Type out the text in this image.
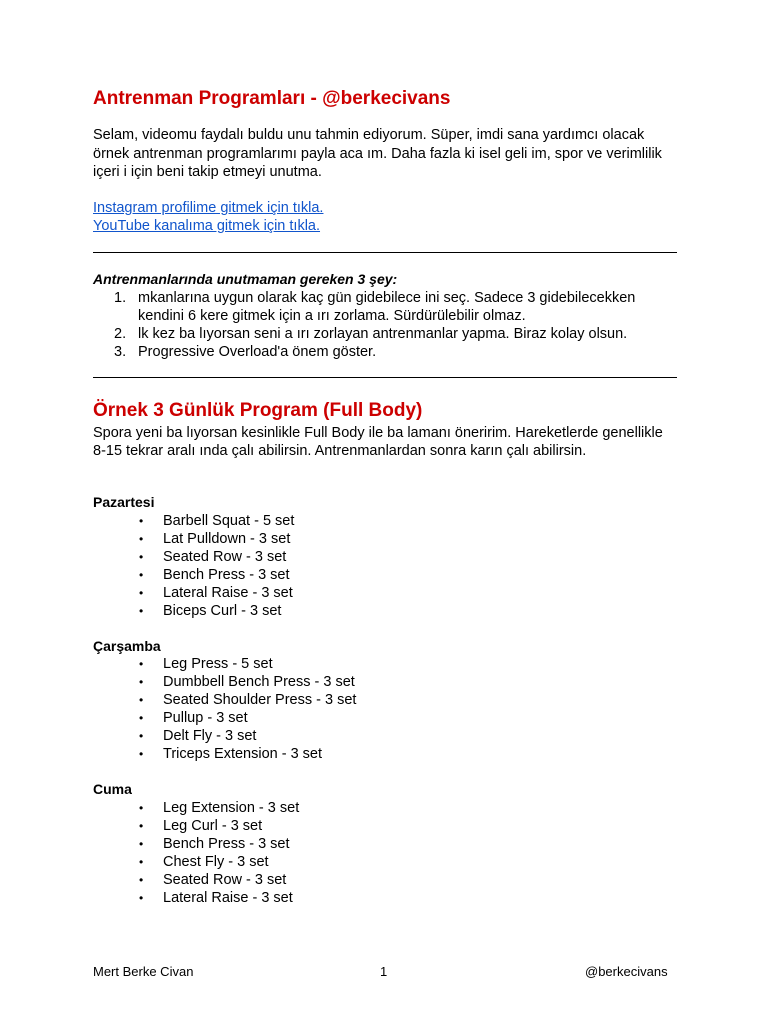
Antrenman Programları - @berkecivans

Selam, videomu faydalı buldu unu tahmin ediyorum. Süper, imdi sana yardımcı olacak örnek antrenman programlarımı payla aca ım. Daha fazla ki isel geli im, spor ve verimlilik içeri i için beni takip etmeyi unutma.

Instagram profilime gitmek için tıkla.
YouTube kanalıma gitmek için tıkla.

Antrenmanlarında unutmaman gereken 3 şey:

1. mkanlarına uygun olarak kaç gün gidebilece ini seç. Sadece 3 gidebilecekken kendini 6 kere gitmek için a ırı zorlama. Sürdürülebilir olmaz.
2. lk kez ba lıyorsan seni a ırı zorlayan antrenmanlar yapma. Biraz kolay olsun.
3. Progressive Overload'a önem göster.
Örnek 3 Günlük Program (Full Body)

Spora yeni ba lıyorsan kesinlikle Full Body ile ba lamanı öneririm. Hareketlerde genellikle 8-15 tekrar aralı ında çalı abilirsin. Antrenmanlardan sonra karın çalı abilirsin.

Pazartesi

• Barbell Squat - 5 set
• Lat Pulldown - 3 set
• Seated Row - 3 set
• Bench Press - 3 set
• Lateral Raise - 3 set
• Biceps Curl - 3 set

Çarşamba

• Leg Press - 5 set
• Dumbbell Bench Press - 3 set
• Seated Shoulder Press - 3 set
• Pullup - 3 set
• Delt Fly - 3 set
• Triceps Extension - 3 set

Cuma

• Leg Extension - 3 set
• Leg Curl - 3 set
• Bench Press - 3 set
• Chest Fly - 3 set
• Seated Row - 3 set
• Lateral Raise - 3 set
Mert Berke Civan	1	@berkecivans
